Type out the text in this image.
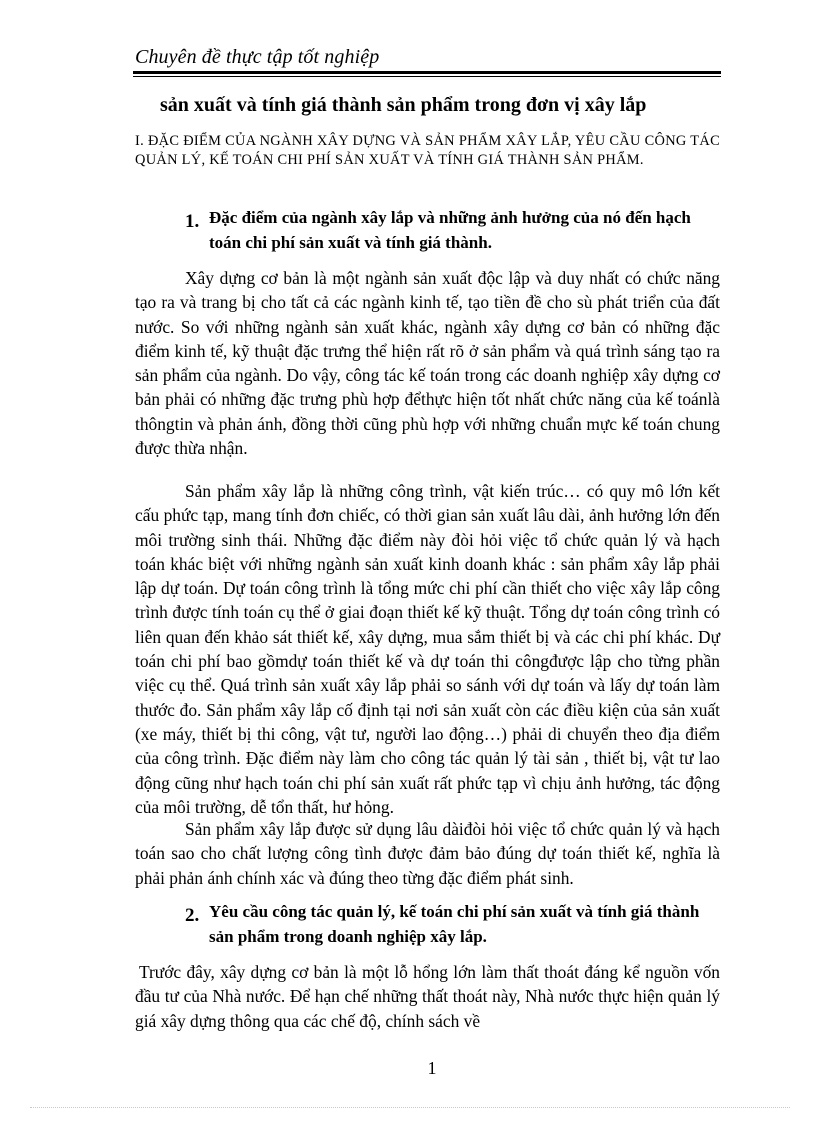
Chuyên đề thực tập tốt nghiệp
sản xuất và tính giá thành sản phẩm trong đơn vị xây lắp
I. ĐẶC ĐIỂM CỦA NGÀNH XÂY DỰNG VÀ SẢN PHẨM XÂY LẮP, YÊU CẦU CÔNG TÁC QUẢN LÝ, KẾ TOÁN CHI PHÍ SẢN XUẤT VÀ TÍNH GIÁ THÀNH SẢN PHẨM.
1. Đặc điểm của ngành xây lắp và những ảnh hưởng của nó đến hạch toán chi phí sản xuất và tính giá thành.
Xây dựng cơ bản là một ngành sản xuất độc lập và duy nhất có chức năng tạo ra và trang bị cho tất cả các ngành kinh tế, tạo tiền đề cho sù phát triển của đất nước. So với những ngành sản xuất khác, ngành xây dựng cơ bản có những đặc điểm kinh tế, kỹ thuật đặc trưng thể hiện rất rõ ở sản phẩm và quá trình sáng tạo ra sản phẩm của ngành. Do vậy, công tác kế toán trong các doanh nghiệp xây dựng cơ bản phải có những đặc trưng phù hợp đểthực hiện tốt nhất chức năng của kế toánlà thôngtin và phản ánh, đồng thời cũng phù hợp với những chuẩn mực kế toán chung được thừa nhận.
Sản phẩm xây lắp là những công trình, vật kiến trúc… có quy mô lớn kết cấu phức tạp, mang tính đơn chiếc, có thời gian sản xuất lâu dài, ảnh hưởng lớn đến môi trường sinh thái. Những đặc điểm này đòi hỏi việc tổ chức quản lý và hạch toán khác biệt với những ngành sản xuất kinh doanh khác : sản phẩm xây lắp phải lập dự toán. Dự toán công trình là tổng mức chi phí cần thiết cho việc xây lắp công trình được tính toán cụ thể ở giai đoạn thiết kế kỹ thuật. Tổng dự toán công trình có liên quan đến khảo sát thiết kế, xây dựng, mua sắm thiết bị và các chi phí khác. Dự toán chi phí bao gồmdự toán thiết kế và dự toán thi côngđược lập cho từng phần việc cụ thể. Quá trình sản xuất xây lắp phải so sánh với dự toán và lấy dự toán làm thước đo. Sản phẩm xây lắp cố định tại nơi sản xuất còn các điều kiện của sản xuất (xe máy, thiết bị thi công, vật tư, người lao động…) phải di chuyển theo địa điểm của công trình. Đặc điểm này làm cho công tác quản lý tài sản , thiết bị, vật tư lao động cũng như hạch toán chi phí sản xuất rất phức tạp vì chịu ảnh hưởng, tác động của môi trường, dễ tổn thất, hư hỏng.
Sản phẩm xây lắp được sử dụng lâu dàiđòi hỏi việc tổ chức quản lý và hạch toán sao cho chất lượng công tình được đảm bảo đúng dự toán thiết kế, nghĩa là phải phản ánh chính xác và đúng theo từng đặc điểm phát sinh.
2. Yêu cầu công tác quản lý, kế toán chi phí sản xuất và tính giá thành sản phẩm trong doanh nghiệp xây lắp.
Trước đây, xây dựng cơ bản là một lỗ hổng lớn làm thất thoát đáng kể nguồn vốn đầu tư của Nhà nước. Để hạn chế những thất thoát này, Nhà nước thực hiện quản lý giá xây dựng thông qua các chế độ, chính sách về
1
